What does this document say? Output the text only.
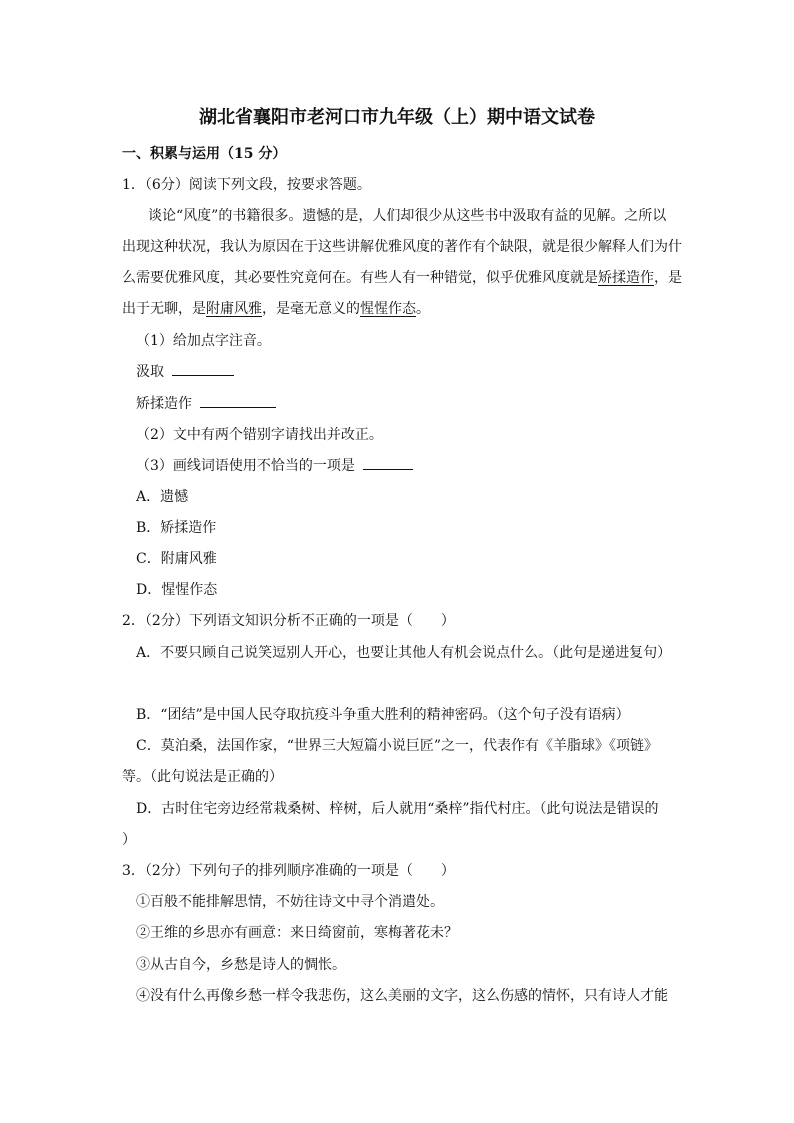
湖北省襄阳市老河口市九年级（上）期中语文试卷
一、积累与运用（15 分）
1．（6分）阅读下列文段，按要求答题。
谈论“风度”的书籍很多。遗憾的是，人们却很少从这些书中汲取有益的见解。之所以
出现这种状况，我认为原因在于这些讲解优雅风度的著作有个缺限，就是很少解释人们为什
么需要优雅风度，其必要性究竟何在。有些人有一种错觉，似乎优雅风度就是矫揉造作，是
出于无聊，是附庸风雅，是毫无意义的惺惺作态。
（1）给加点字注音。
汲取
矫揉造作
（2）文中有两个错别字请找出并改正。
（3）画线词语使用不恰当的一项是
A．遗憾
B．矫揉造作
C．附庸风雅
D．惺惺作态
2．（2分）下列语文知识分析不正确的一项是（　　）
A．不要只顾自己说笑逗别人开心，也要让其他人有机会说点什么。（此句是递进复句）
B．“团结”是中国人民夺取抗疫斗争重大胜利的精神密码。（这个句子没有语病）
C．莫泊桑，法国作家，“世界三大短篇小说巨匠”之一，代表作有《羊脂球》《项链》
等。（此句说法是正确的）
D．古时住宅旁边经常栽桑树、梓树，后人就用“桑梓”指代村庄。（此句说法是错误的
）
3．（2分）下列句子的排列顺序准确的一项是（　　）
①百般不能排解思情，不妨往诗文中寻个消遣处。
②王维的乡思亦有画意：来日绮窗前，寒梅著花未？
③从古自今，乡愁是诗人的惆怅。
④没有什么再像乡愁一样令我悲伤，这么美丽的文字，这么伤感的情怀，只有诗人才能
